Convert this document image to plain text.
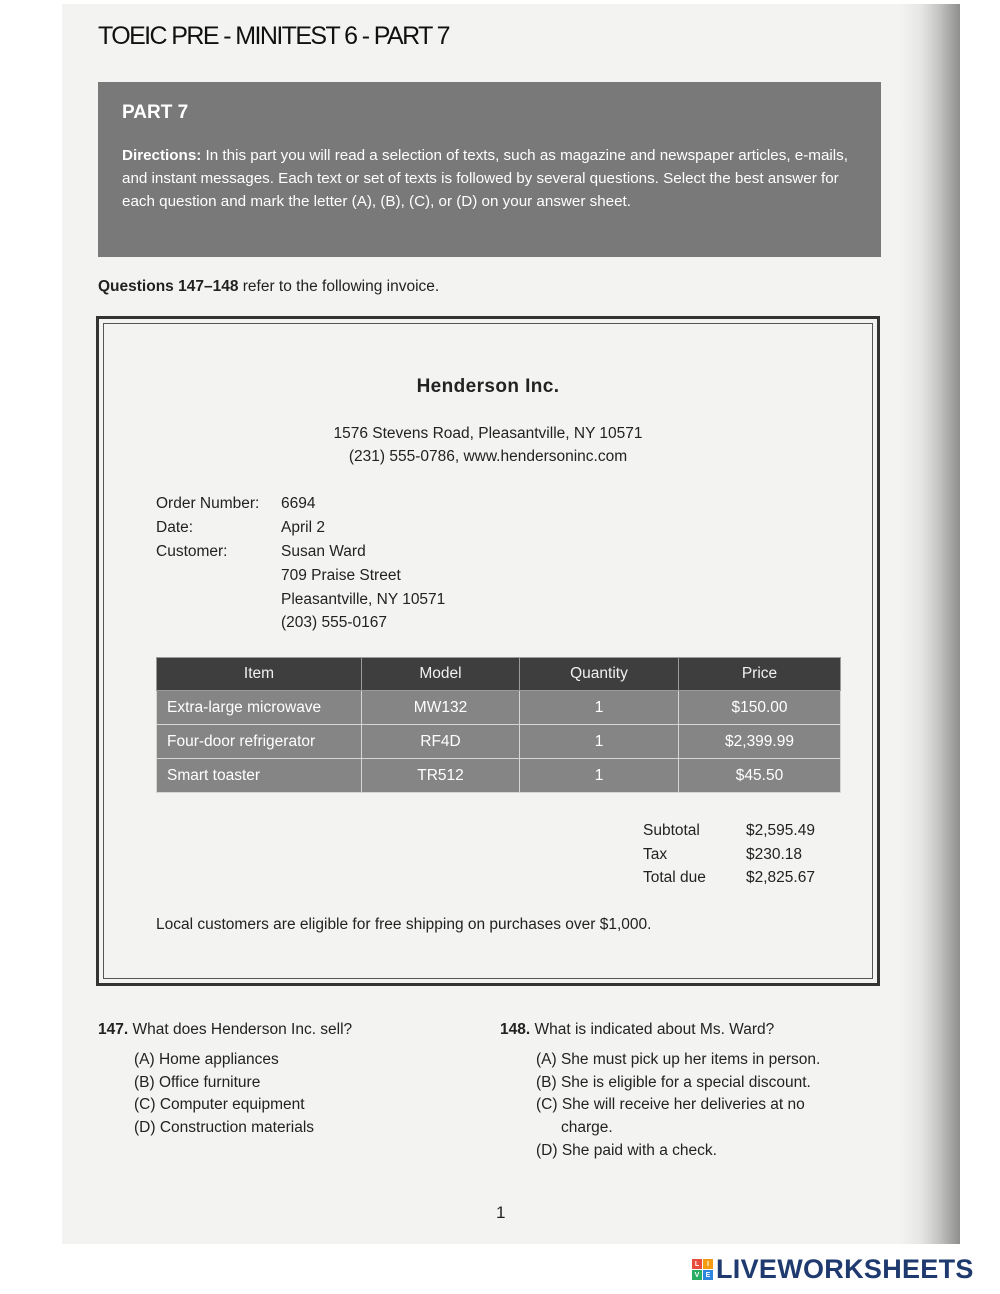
TOEIC PRE - MINITEST 6 - PART 7
PART 7
Directions: In this part you will read a selection of texts, such as magazine and newspaper articles, e-mails, and instant messages. Each text or set of texts is followed by several questions. Select the best answer for each question and mark the letter (A), (B), (C), or (D) on your answer sheet.
Questions 147–148 refer to the following invoice.
Henderson Inc.
1576 Stevens Road, Pleasantville, NY 10571
(231) 555-0786, www.hendersoninc.com
Order Number: 6694
Date:	April 2
Customer:	Susan Ward
709 Praise Street
Pleasantville, NY 10571
(203) 555-0167
Item	Model	Quantity	Price
Extra-large microwave	MW132	1	$150.00
Four-door refrigerator	RF4D	1	$2,399.99
Smart toaster	TR512	1	$45.50
Subtotal	$2,595.49
Tax	$230.18
Total due	$2,825.67
Local customers are eligible for free shipping on purchases over $1,000.
147. What does Henderson Inc. sell?
(A) Home appliances
(B) Office furniture
(C) Computer equipment
(D) Construction materials
148. What is indicated about Ms. Ward?
(A) She must pick up her items in person.
(B) She is eligible for a special discount.
(C) She will receive her deliveries at no
charge.
(D) She paid with a check.
1
L	I
V E LIVEWORKSHEETS
